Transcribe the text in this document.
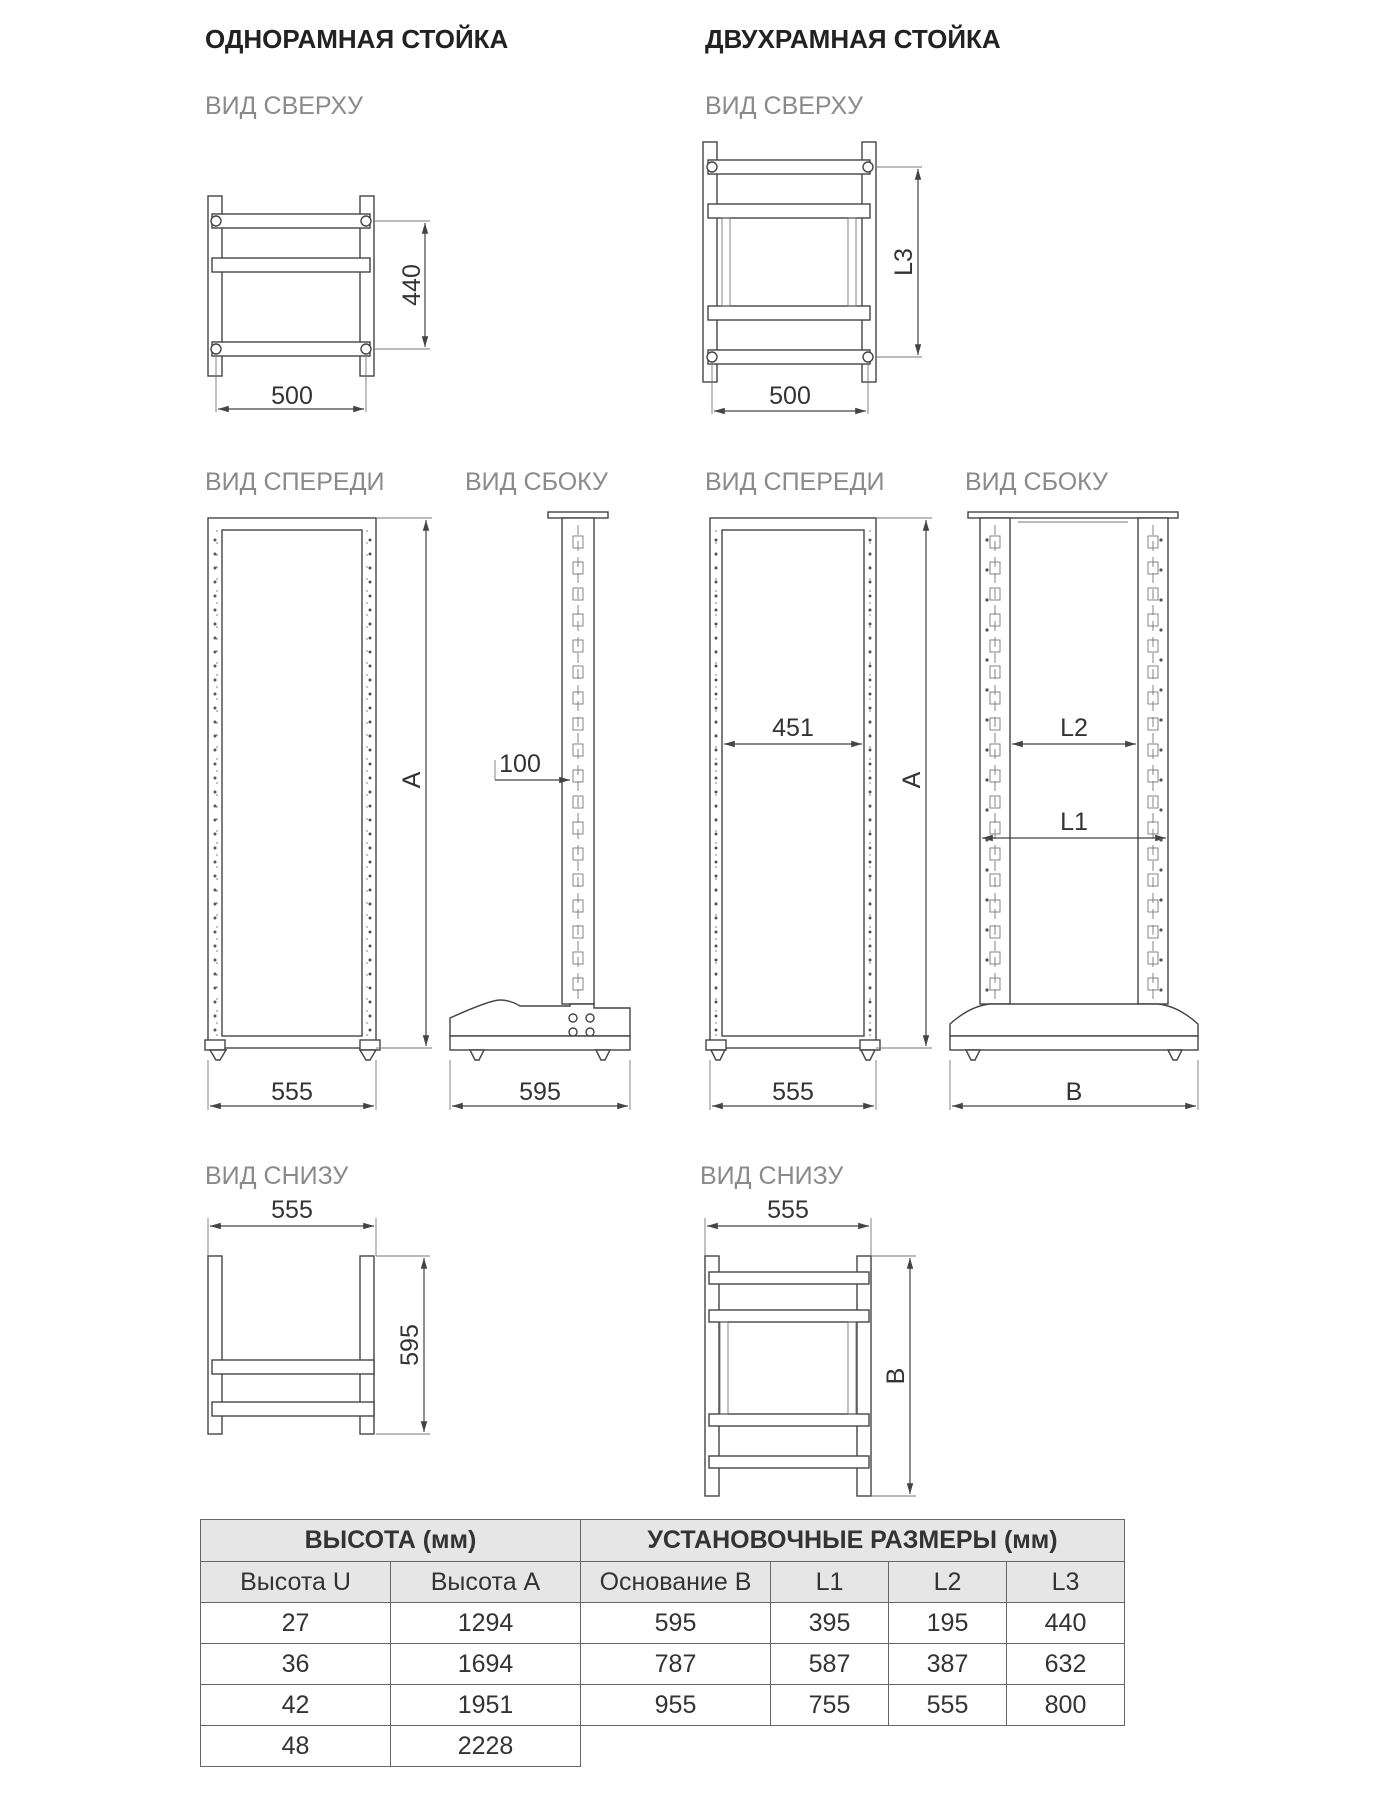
ОДНОРАМНАЯ СТОЙКА	ДВУХРАМНАЯ СТОЙКА
ВИД СВЕРХУ
500
440
ВИД СВЕРХУ
500
L3
ВИД СПЕРЕДИ
A
555
ВИД СБОКУ
100
595
ВИД СПЕРЕДИ
451
A
555
ВИД СБОКУ
L2
L1
B
ВИД СНИЗУ
555
595
ВИД СНИЗУ
555
B
ВЫСОТА (мм)		УСТАНОВОЧНЫЕ РАЗМЕРЫ (мм)			
Высота U	Высота А	Основание В	L1	L2	L3
27	1294	595	395	195	440
36	1694	787	587	387	632
42	1951	955	755	555	800
48	2228				
